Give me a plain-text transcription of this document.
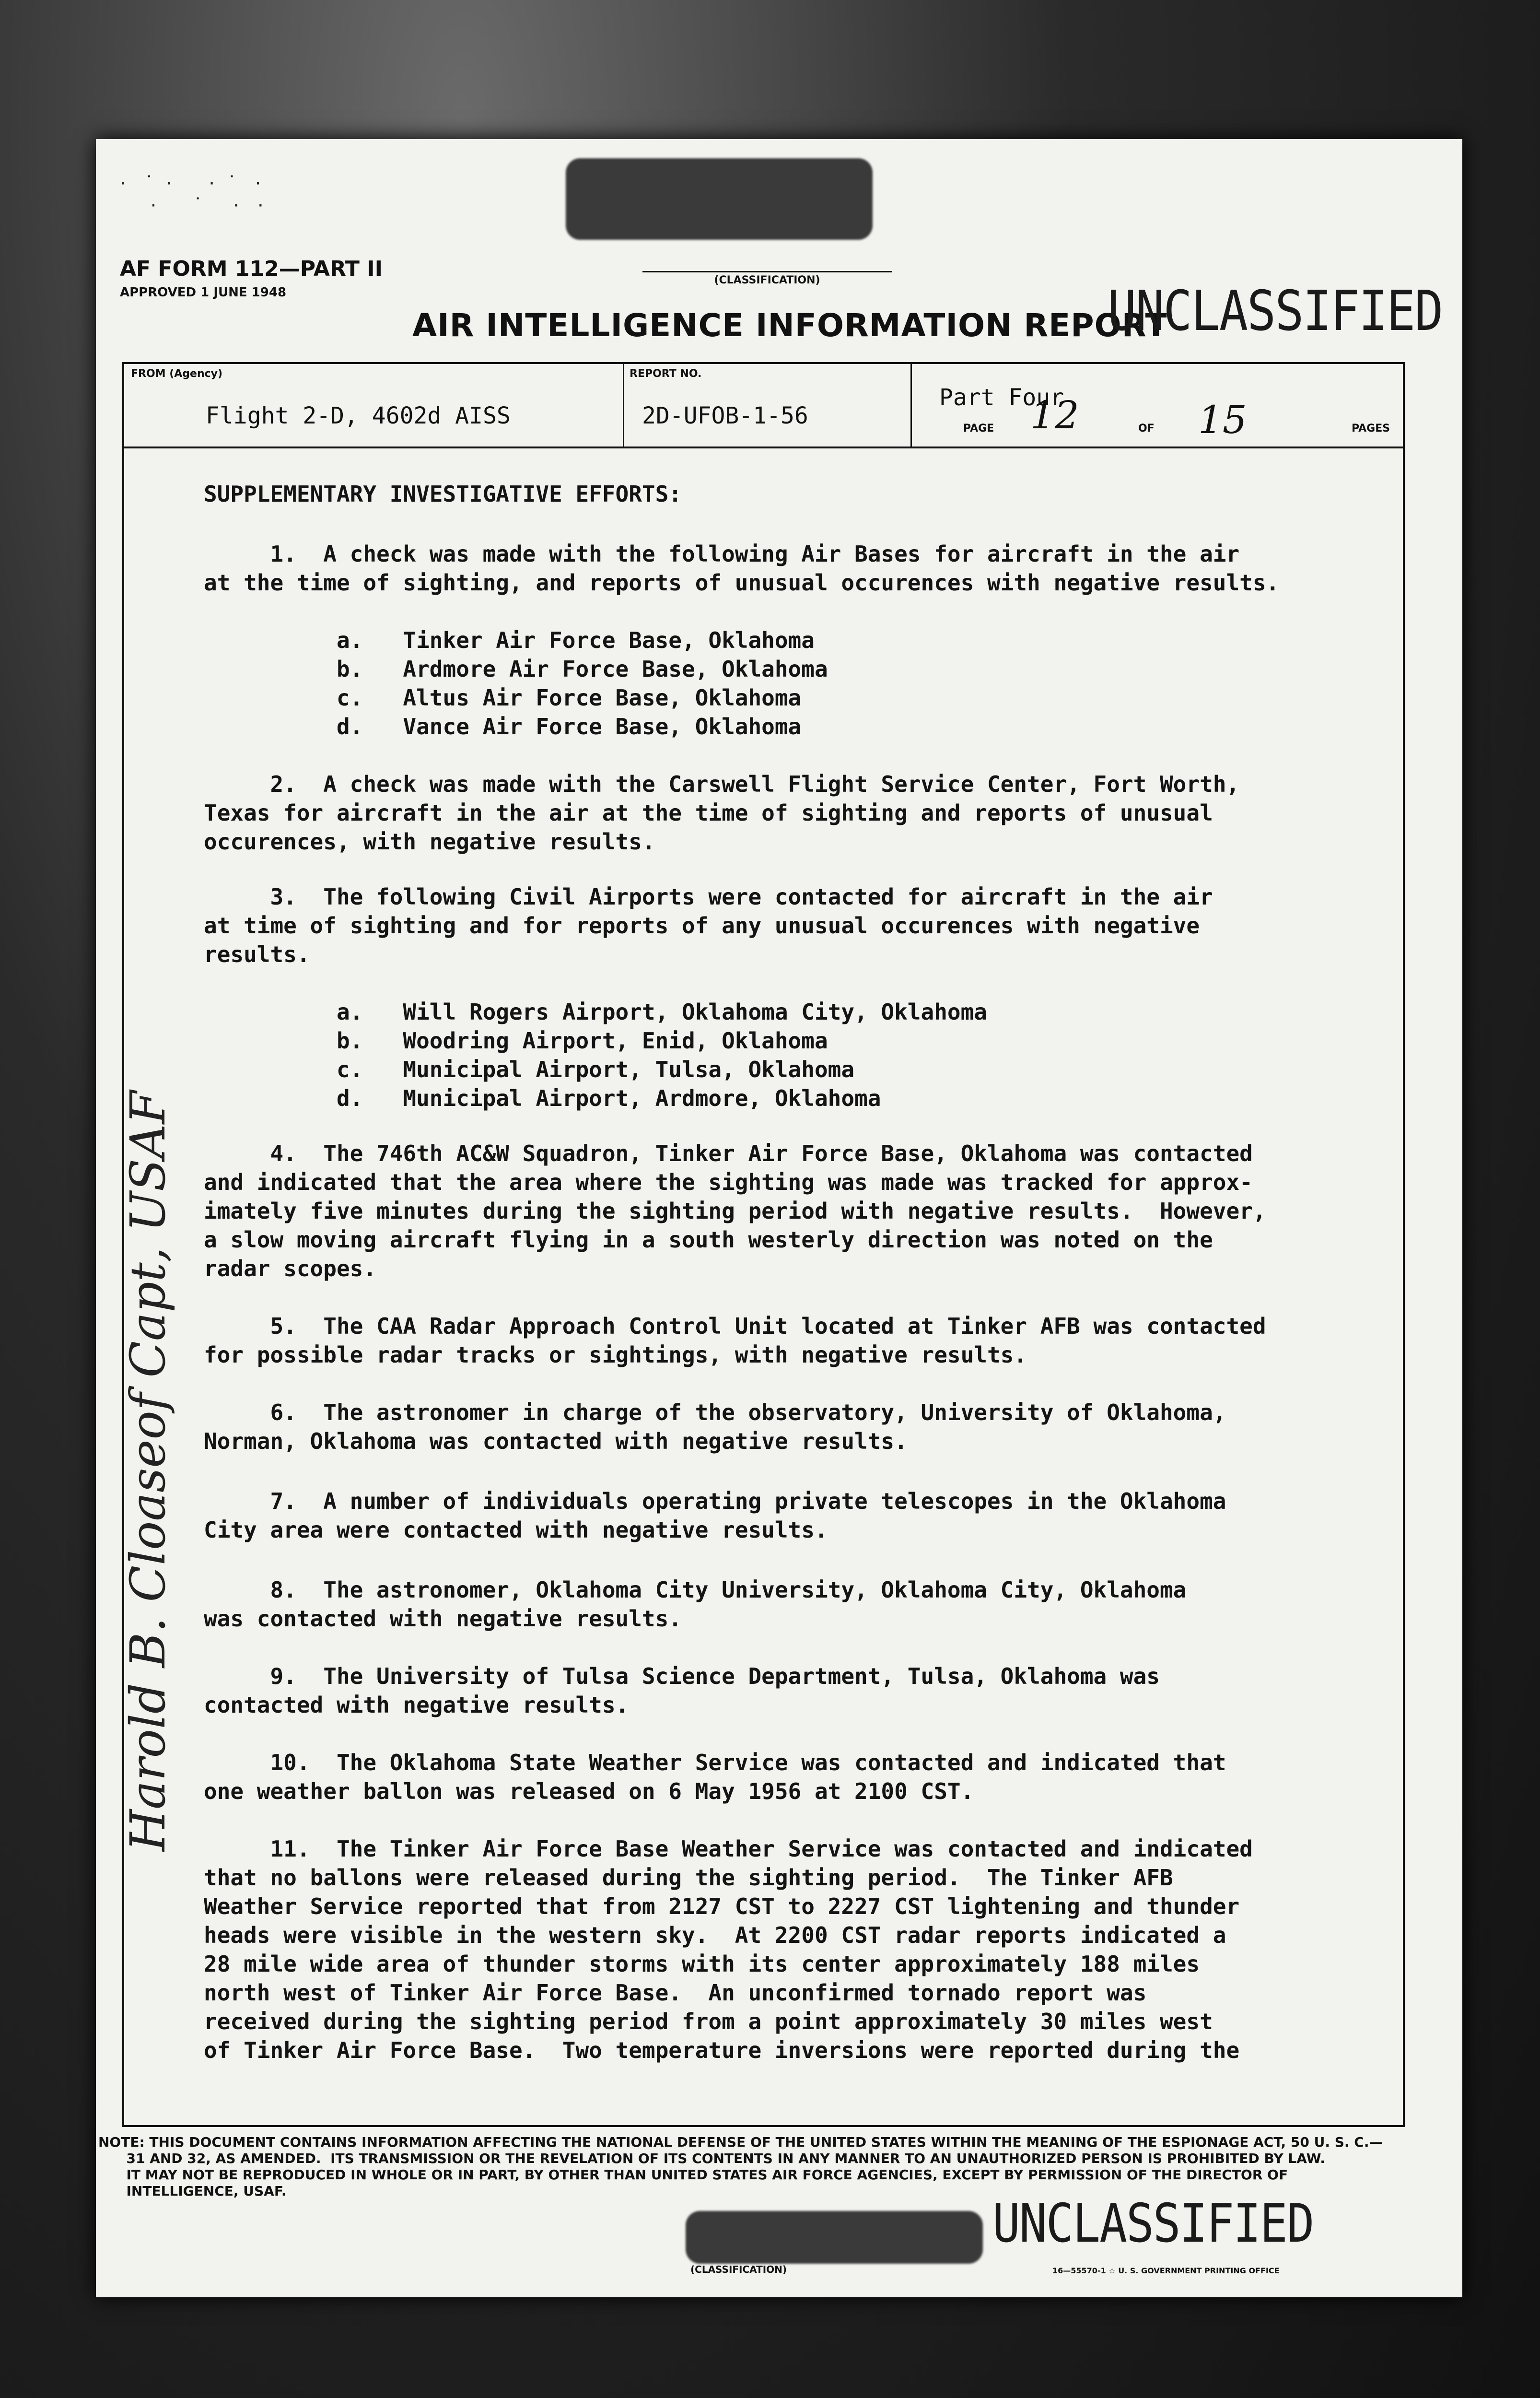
·   ˙  ·      ·  ˙   ·
·      ˙     ·   ·
AF FORM 112—PART II
APPROVED 1 JUNE 1948
(CLASSIFICATION)
AIR INTELLIGENCE INFORMATION REPORT
UNCLASSIFIED
FROM (Agency)
Flight 2-D, 4602d AISS
REPORT NO.
2D-UFOB-1-56
Part Four
PAGE 12	OF 15	PAGES
SUPPLEMENTARY INVESTIGATIVE EFFORTS:
1.  A check was made with the following Air Bases for aircraft in the air
at the time of sighting, and reports of unusual occurences with negative results.
a.   Tinker Air Force Base, Oklahoma
b.   Ardmore Air Force Base, Oklahoma
c.   Altus Air Force Base, Oklahoma
d.   Vance Air Force Base, Oklahoma
2.  A check was made with the Carswell Flight Service Center, Fort Worth,
Texas for aircraft in the air at the time of sighting and reports of unusual
occurences, with negative results.
3.  The following Civil Airports were contacted for aircraft in the air
at time of sighting and for reports of any unusual occurences with negative
results.
a.   Will Rogers Airport, Oklahoma City, Oklahoma
b.   Woodring Airport, Enid, Oklahoma
c.   Municipal Airport, Tulsa, Oklahoma
d.   Municipal Airport, Ardmore, Oklahoma
4.  The 746th AC&W Squadron, Tinker Air Force Base, Oklahoma was contacted
and indicated that the area where the sighting was made was tracked for approx-
imately five minutes during the sighting period with negative results.  However,
a slow moving aircraft flying in a south westerly direction was noted on the
radar scopes.
5.  The CAA Radar Approach Control Unit located at Tinker AFB was contacted
for possible radar tracks or sightings, with negative results.
6.  The astronomer in charge of the observatory, University of Oklahoma,
Norman, Oklahoma was contacted with negative results.
7.  A number of individuals operating private telescopes in the Oklahoma
City area were contacted with negative results.
8.  The astronomer, Oklahoma City University, Oklahoma City, Oklahoma
was contacted with negative results.
9.  The University of Tulsa Science Department, Tulsa, Oklahoma was
contacted with negative results.
10.  The Oklahoma State Weather Service was contacted and indicated that
one weather ballon was released on 6 May 1956 at 2100 CST.
11.  The Tinker Air Force Base Weather Service was contacted and indicated
that no ballons were released during the sighting period.  The Tinker AFB
Weather Service reported that from 2127 CST to 2227 CST lightening and thunder
heads were visible in the western sky.  At 2200 CST radar reports indicated a
28 mile wide area of thunder storms with its center approximately 188 miles
north west of Tinker Air Force Base.  An unconfirmed tornado report was
received during the sighting period from a point approximately 30 miles west
of Tinker Air Force Base.  Two temperature inversions were reported during the
Harold B. Cloaseof Capt, USAF
NOTE: THIS DOCUMENT CONTAINS INFORMATION AFFECTING THE NATIONAL DEFENSE OF THE UNITED STATES WITHIN THE MEANING OF THE ESPIONAGE ACT, 50 U. S. C.—
31 AND 32, AS AMENDED.  ITS TRANSMISSION OR THE REVELATION OF ITS CONTENTS IN ANY MANNER TO AN UNAUTHORIZED PERSON IS PROHIBITED BY LAW.
IT MAY NOT BE REPRODUCED IN WHOLE OR IN PART, BY OTHER THAN UNITED STATES AIR FORCE AGENCIES, EXCEPT BY PERMISSION OF THE DIRECTOR OF
INTELLIGENCE, USAF.
UNCLASSIFIED
(CLASSIFICATION)	16—55570-1 ☆ U. S. GOVERNMENT PRINTING OFFICE
